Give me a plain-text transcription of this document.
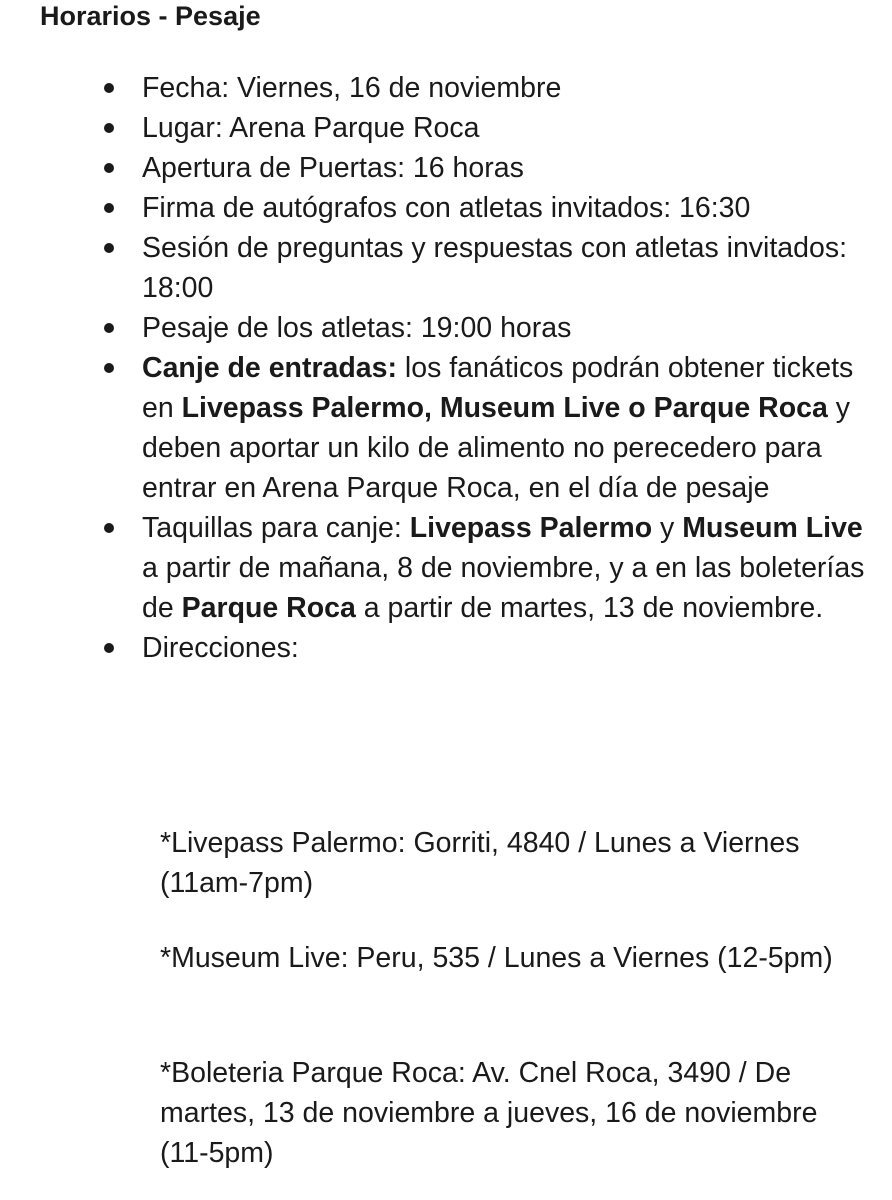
Horarios - Pesaje
Fecha: Viernes, 16 de noviembre
Lugar: Arena Parque Roca
Apertura de Puertas: 16 horas
Firma de autógrafos con atletas invitados: 16:30
Sesión de preguntas y respuestas con atletas invitados: 18:00
Pesaje de los atletas: 19:00 horas
Canje de entradas: los fanáticos podrán obtener tickets en Livepass Palermo, Museum Live o Parque Roca y deben aportar un kilo de alimento no perecedero para entrar en Arena Parque Roca, en el día de pesaje
Taquillas para canje: Livepass Palermo y Museum Live a partir de mañana, 8 de noviembre, y a en las boleterías de Parque Roca a partir de martes, 13 de noviembre.
Direcciones:

*Livepass Palermo: Gorriti, 4840 / Lunes a Viernes (11am-7pm)

*Museum Live: Peru, 535 / Lunes a Viernes (12-5pm)

*Boleteria Parque Roca: Av. Cnel Roca, 3490 / De martes, 13 de noviembre a jueves, 16 de noviembre (11-5pm)
